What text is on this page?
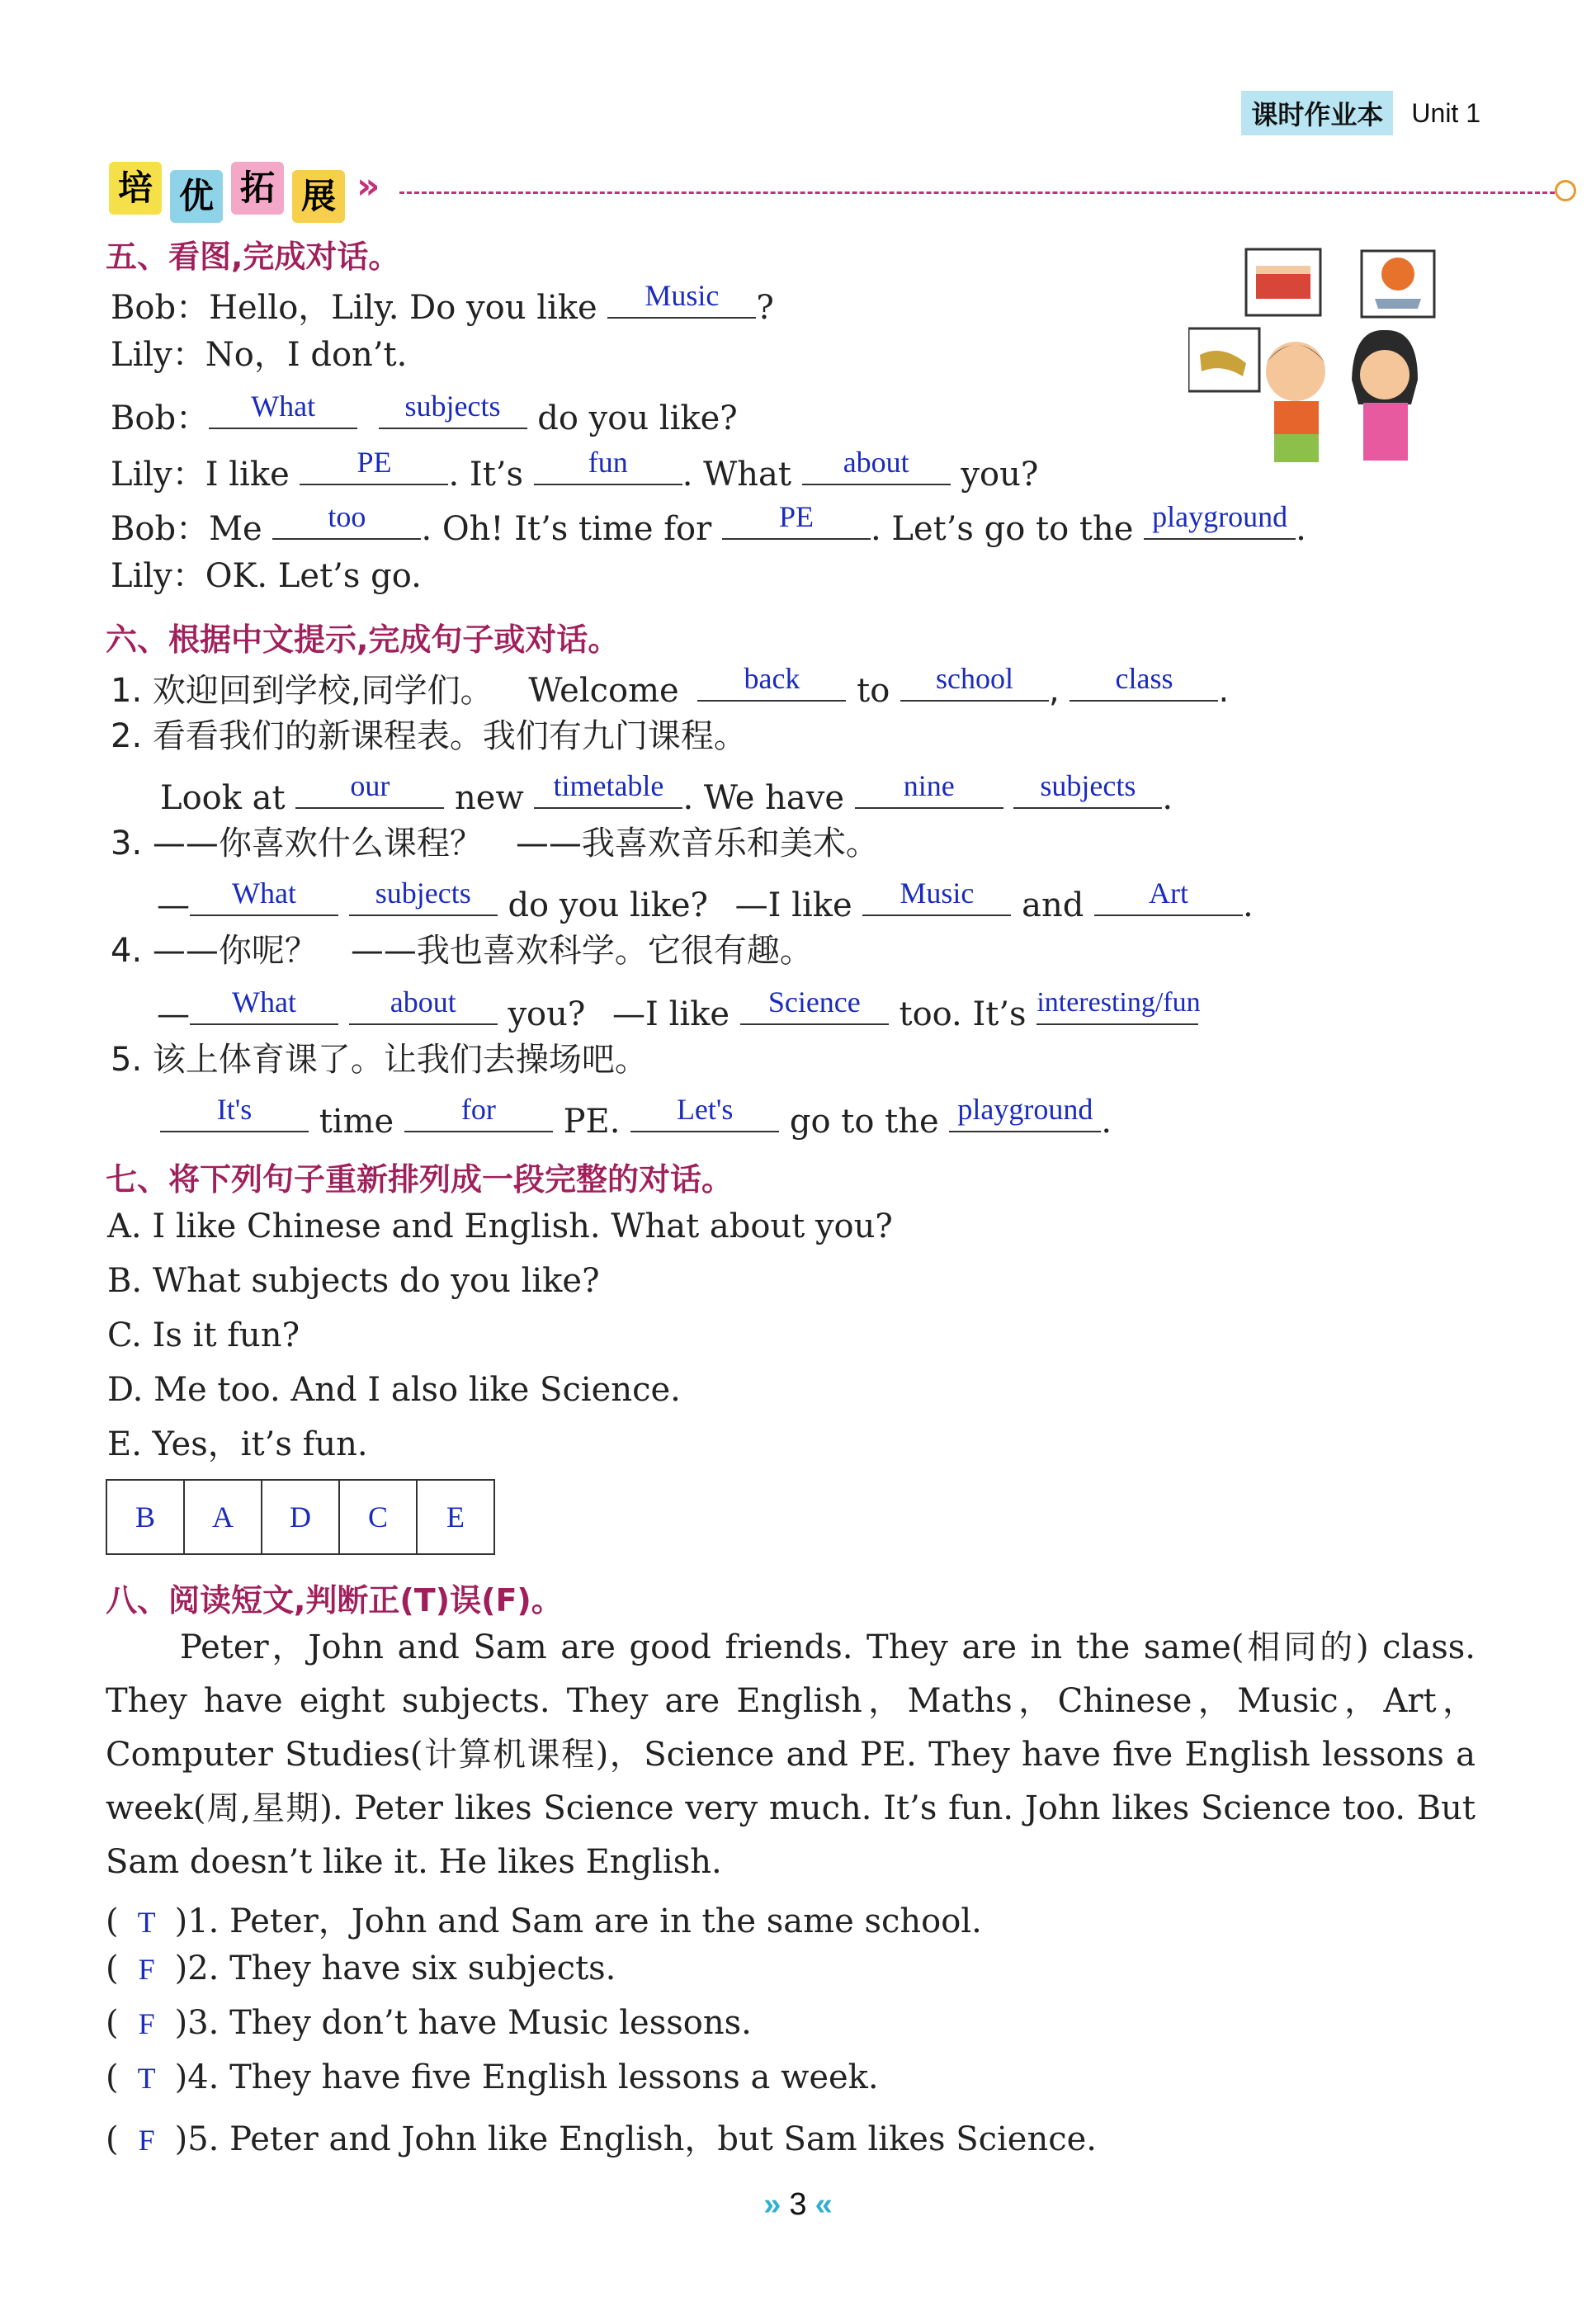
课时作业本	Unit 1
培 优 拓 展 »
五、看图,完成对话。
Bob：Hello，Lily. Do you like	Music	?
Lily：No，I don’t.
Bob：	What
	subjects do you like?
Lily：I like	PE	. It’s	fun	. What	about	you?
Bob：Me	too	. Oh! It’s time for	PE	. Let’s go to the playground .
Lily：OK. Let’s go.
六、根据中文提示,完成句子或对话。
1. 欢迎回到学校,同学们。 Welcome	back	to	school	,	class	.
2. 看看我们的新课程表。我们有九门课程。
Look at	our	new timetable . We have	nine
	subjects .
3. ——你喜欢什么课程？　——我喜欢音乐和美术。
—	What
	subjects	do you like? —I like	Music	and	Art	.
4. ——你呢？　——我也喜欢科学。它很有趣。
—	What
	about	you? —I like	Science	too. It’s interesting/fun
5. 该上体育课了。让我们去操场吧。
It's	time	for	PE.	Let's	go to the playground .
七、将下列句子重新排列成一段完整的对话。
A. I like Chinese and English. What about you?
B. What subjects do you like?
C. Is it fun?
D. Me too. And I also like Science.
E. Yes，it’s fun.
B	A	D	C	E
八、阅读短文,判断正(T)误(F)。
Peter，John and Sam are good friends. They are in the same(相同的) class. They have eight subjects. They are English，Maths，Chinese，Music，Art，Computer Studies(计算机课程)，Science and PE. They have five English lessons a week(周,星期). Peter likes Science very much. It’s fun. John likes Science too. But Sam doesn’t like it. He likes English.
( T )1. Peter，John and Sam are in the same school.
( F )2. They have six subjects.
( F )3. They don’t have Music lessons.
( T )4. They have five English lessons a week.
( F )5. Peter and John like English，but Sam likes Science.
» 3 «
